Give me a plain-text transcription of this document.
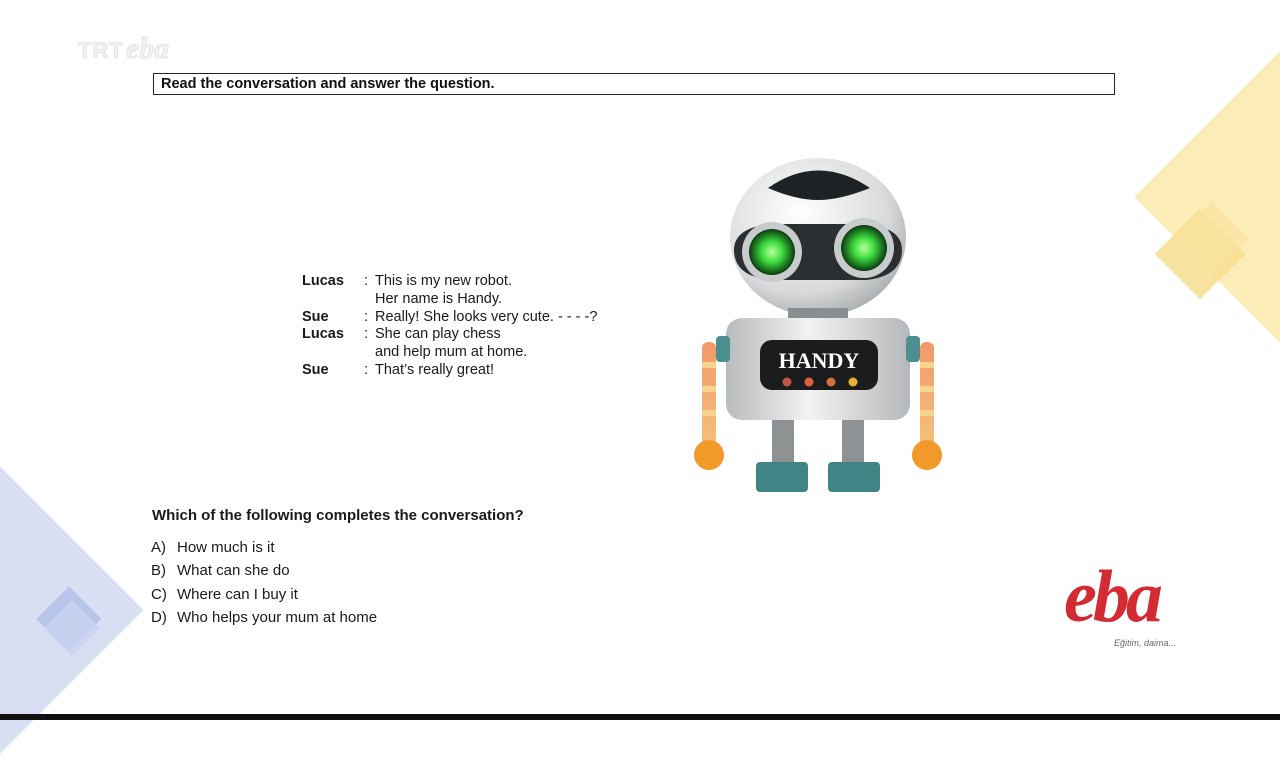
TRT eba
Read the conversation and answer the question.
Lucas	: This is my new robot.
Her name is Handy.
Sue	: Really! She looks very cute. - - - -?
Lucas	: She can play chess
and help mum at home.
Sue	: That’s really great!	HANDY
Which of the following completes the conversation?
A) How much is it
B) What can she do
C) Where can I buy it
D) Who helps your mum at home	eba
Eğitim, daima...
